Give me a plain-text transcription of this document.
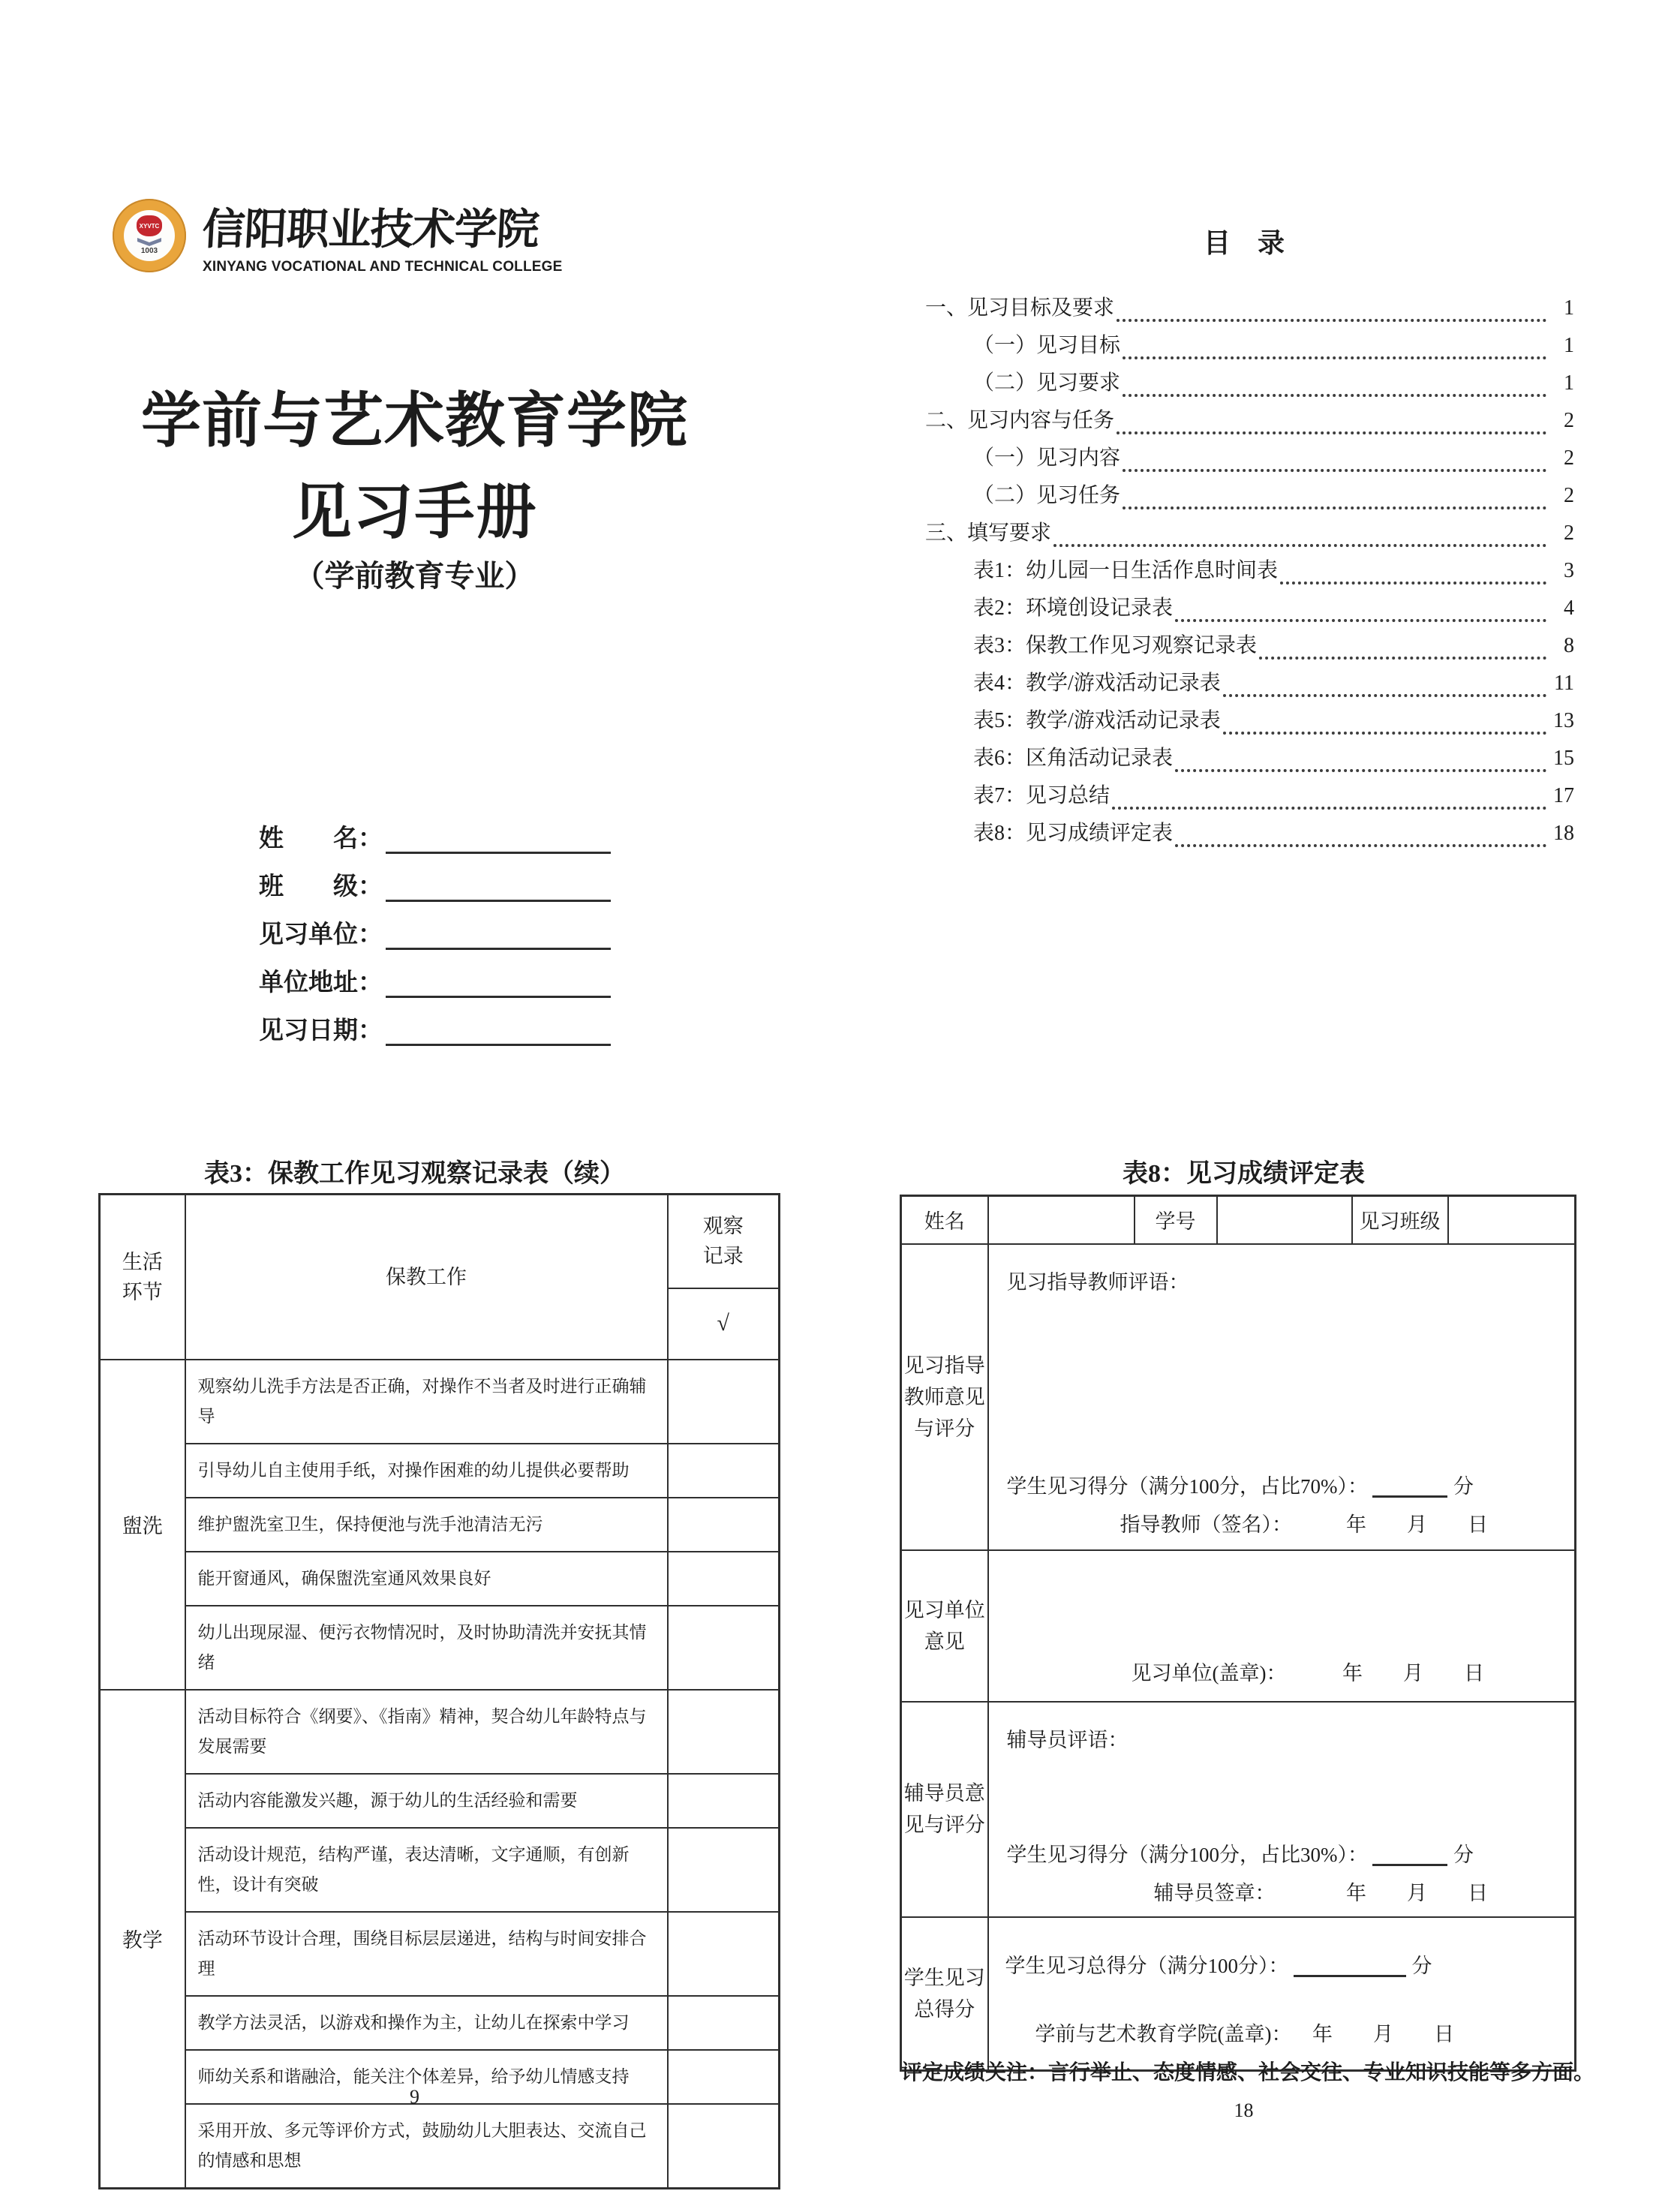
XYVTC
1003 信阳职业技术学院
XINYANG VOCATIONAL AND TECHNICAL COLLEGE
学前与艺术教育学院
见习手册
（学前教育专业）
姓　　名：
班　　级：
见习单位：
单位地址：
见习日期：
目　录
一、见习目标及要求	1
（一）见习目标	1
（二）见习要求	1
二、见习内容与任务	2
（一）见习内容	2
（二）见习任务	2
三、填写要求	2
表1：幼儿园一日生活作息时间表	3
表2：环境创设记录表	4
表3：保教工作见习观察记录表	8
表4：教学/游戏活动记录表	11
表5：教学/游戏活动记录表	13
表6：区角活动记录表	15
表7：见习总结	17
表8：见习成绩评定表	18
表3：保教工作见习观察记录表（续）
生活
环节	保教工作	观察
记录
		√
盥洗	观察幼儿洗手方法是否正确，对操作不当者及时进行正确辅导	
	引导幼儿自主使用手纸，对操作困难的幼儿提供必要帮助	
	维护盥洗室卫生，保持便池与洗手池清洁无污	
	能开窗通风，确保盥洗室通风效果良好	
	幼儿出现尿湿、便污衣物情况时，及时协助清洗并安抚其情绪	
教学	活动目标符合《纲要》、《指南》精神，契合幼儿年龄特点与发展需要	
	活动内容能激发兴趣，源于幼儿的生活经验和需要	
	活动设计规范，结构严谨，表达清晰，文字通顺，有创新性，设计有突破	
	活动环节设计合理，围绕目标层层递进，结构与时间安排合理	
	教学方法灵活，以游戏和操作为主，让幼儿在探索中学习	
	师幼关系和谐融洽，能关注个体差异，给予幼儿情感支持	
	采用开放、多元等评价方式，鼓励幼儿大胆表达、交流自己的情感和思想	
9
表8：见习成绩评定表
姓名		学号		见习班级	
见习指导
教师意见
与评分	
见习指导教师评语：
学生见习得分（满分100分，占比70%）：	分
指导教师（签名）：	年　　月　　日

见习单位
意见	见习单位(盖章)： 年　　月　　日				

辅导员意
见与评分	
辅导员评语：
学生见习得分（满分100分，占比30%）：	分
辅导员签章：	年　　月　　日

学生见习
总得分	
学生见习总得分（满分100分）：	分
学前与艺术教育学院(盖章)： 年　　月　　日
评定成绩关注：言行举止、态度情感、社会交往、专业知识技能等多方面。
18
